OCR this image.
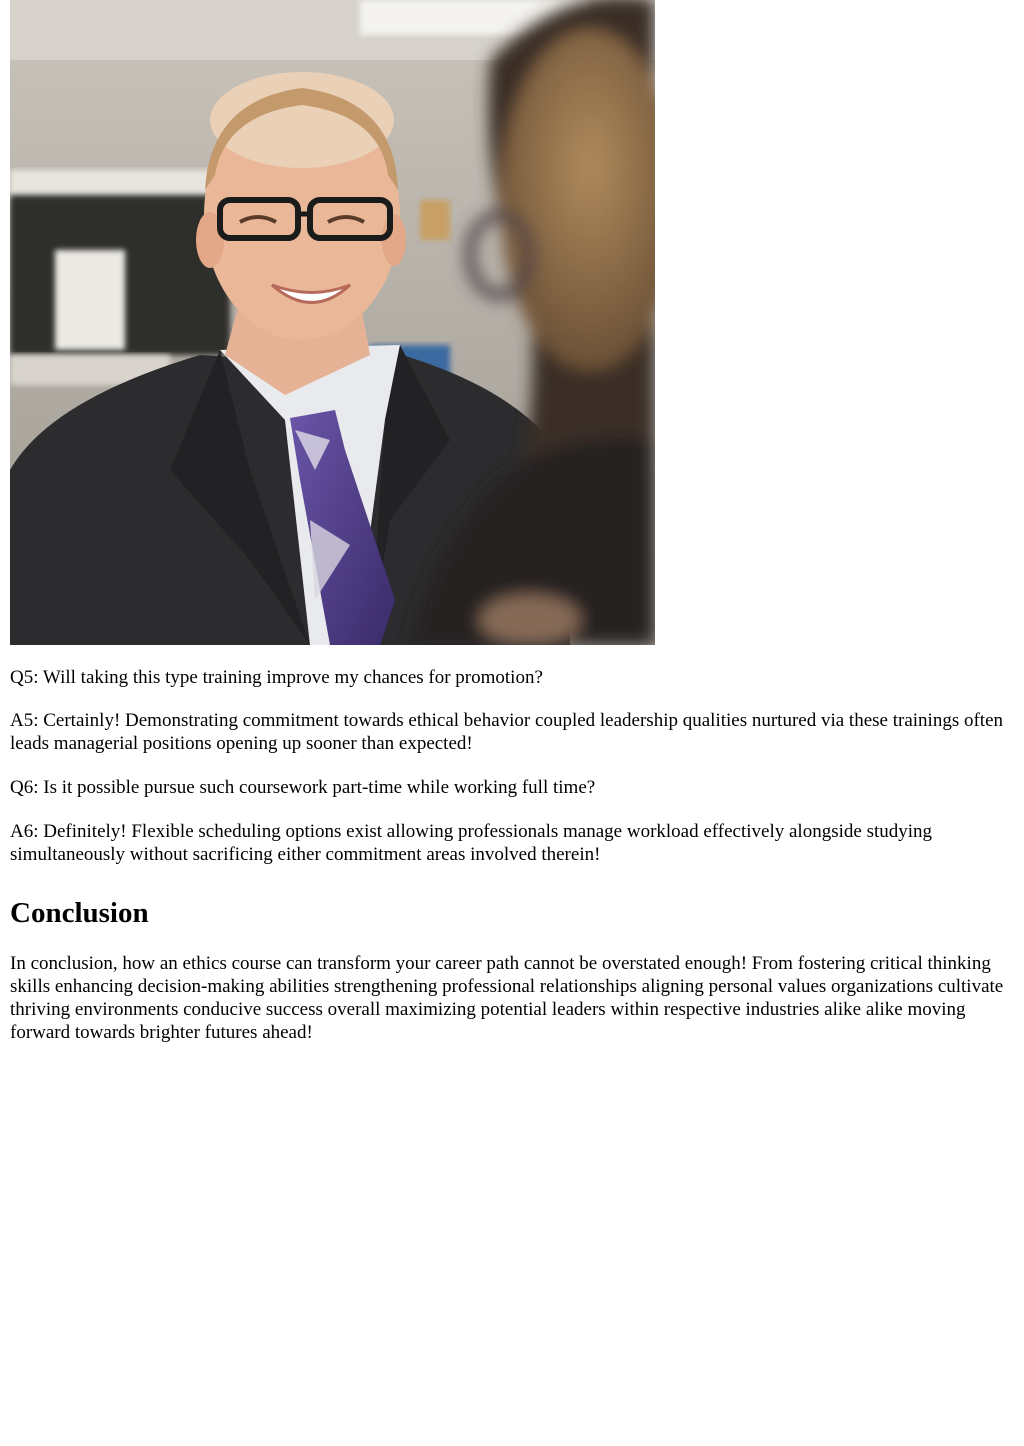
Q5: Will taking this type training improve my chances for promotion?

A5: Certainly! Demonstrating commitment towards ethical behavior coupled leadership qualities nurtured via these trainings often leads managerial positions opening up sooner than expected!

Q6: Is it possible pursue such coursework part-time while working full time?

A6: Definitely! Flexible scheduling options exist allowing professionals manage workload effectively alongside studying simultaneously without sacrificing either commitment areas involved therein!

Conclusion

In conclusion, how an ethics course can transform your career path cannot be overstated enough! From fostering critical thinking skills enhancing decision-making abilities strengthening professional relationships aligning personal values organizations cultivate thriving environments conducive success overall maximizing potential leaders within respective industries alike alike moving forward towards brighter futures ahead!
